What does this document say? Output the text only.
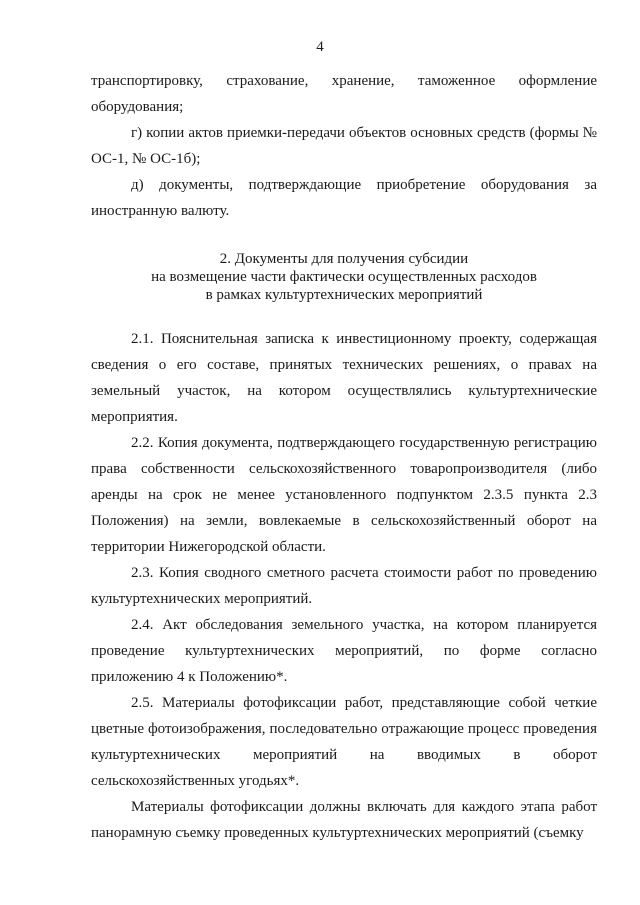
4

транспортировку, страхование, хранение, таможенное оформление оборудования;

г) копии актов приемки-передачи объектов основных средств (формы № ОС-1, № ОС-1б);

д) документы, подтверждающие приобретение оборудования за иностранную валюту.

2. Документы для получения субсидии
на возмещение части фактически осуществленных расходов
в рамках культуртехнических мероприятий

2.1. Пояснительная записка к инвестиционному проекту, содержащая сведения о его составе, принятых технических решениях, о правах на земельный участок, на котором осуществлялись культуртехнические мероприятия.

2.2. Копия документа, подтверждающего государственную регистрацию права собственности сельскохозяйственного товаропроизводителя (либо аренды на срок не менее установленного подпунктом 2.3.5 пункта 2.3 Положения) на земли, вовлекаемые в сельскохозяйственный оборот на территории Нижегородской области.

2.3. Копия сводного сметного расчета стоимости работ по проведению культуртехнических мероприятий.

2.4. Акт обследования земельного участка, на котором планируется проведение культуртехнических мероприятий, по форме согласно приложению 4 к Положению*.

2.5. Материалы фотофиксации работ, представляющие собой четкие цветные фотоизображения, последовательно отражающие процесс проведения культуртехнических мероприятий на вводимых в оборот сельскохозяйственных угодьях*.

Материалы фотофиксации должны включать для каждого этапа работ панорамную съемку проведенных культуртехнических мероприятий (съемку
